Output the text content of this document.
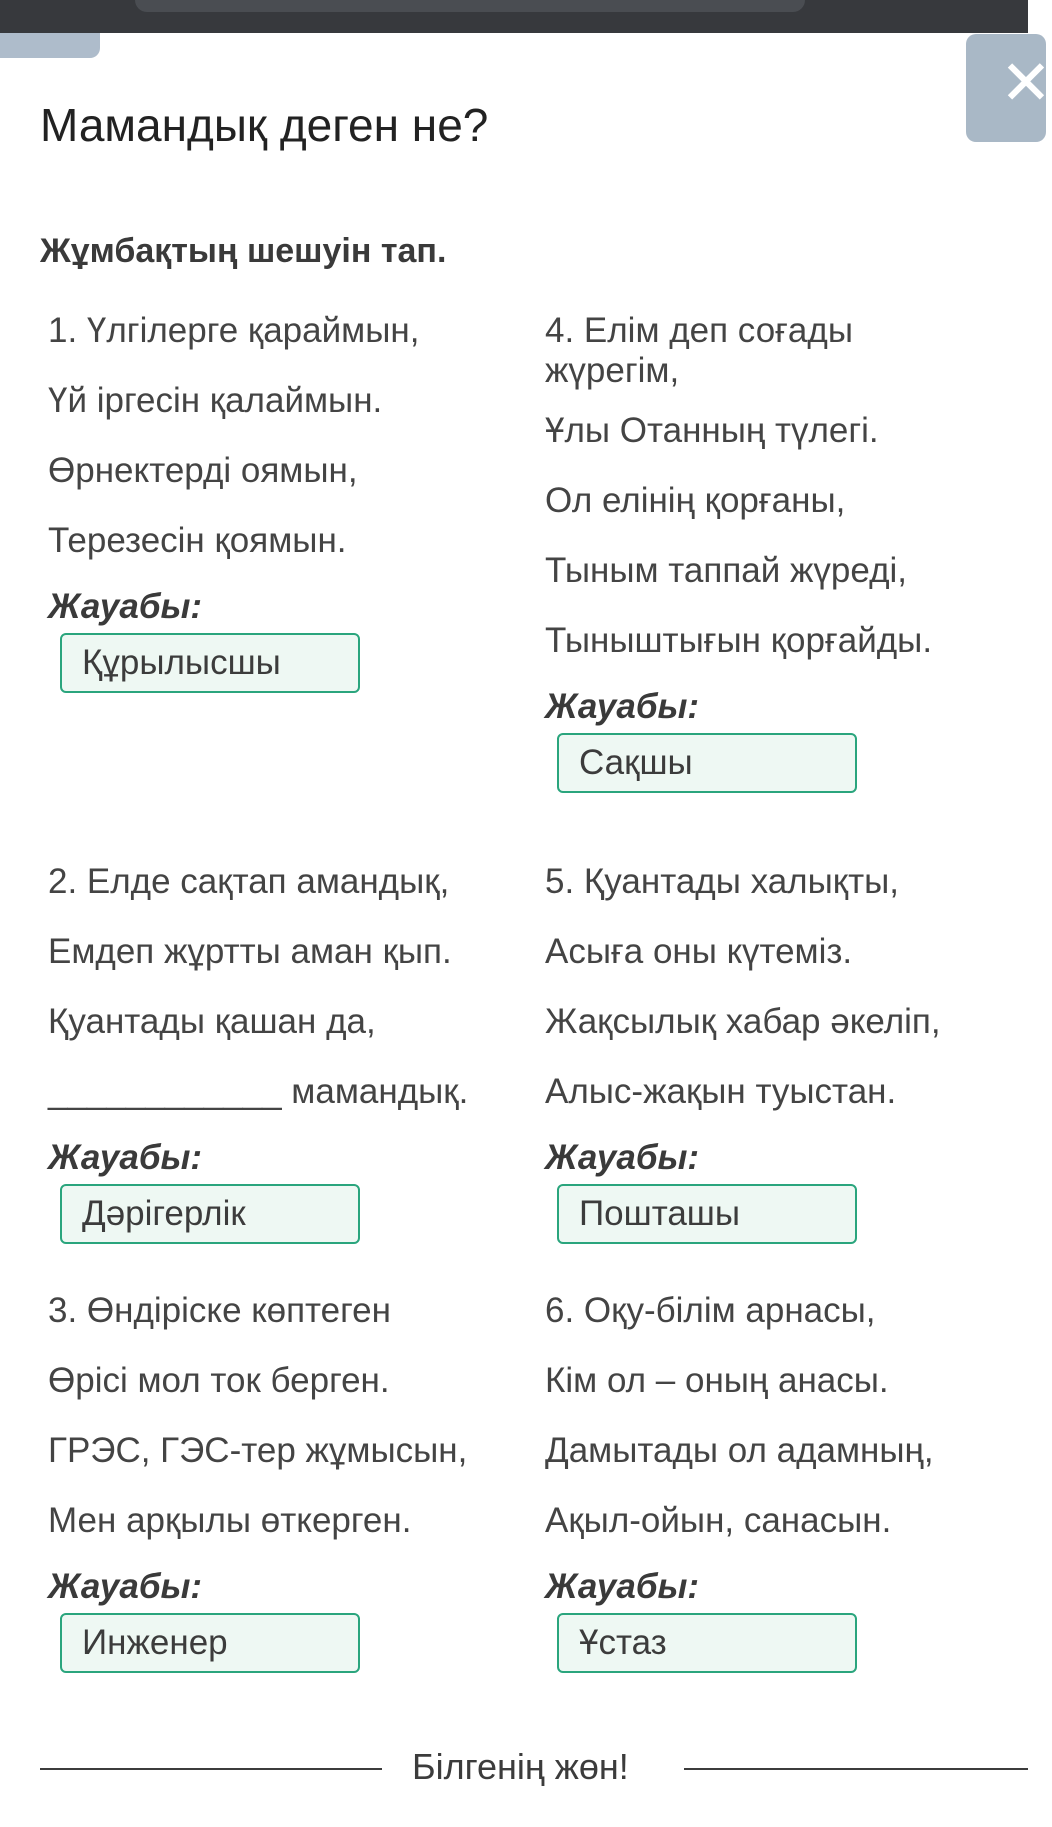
✕
Мамандық деген не?
Жұмбақтың шешуін тап.
1. Үлгілерге қараймын,
Үй іргесін қалаймын.
Өрнектерді оямын,
Терезесін қоямын.
Жауабы:
Құрылысшы
4. Елім деп соғады
жүрегім,
Ұлы Отанның түлегі.
Ол елінің қорғаны,
Тыным таппай жүреді,
Тыныштығын қорғайды.
Жауабы:
Сақшы
2. Елде сақтап амандық,
Емдеп жұртты аман қып.
Қуантады қашан да,
____________ мамандық.
Жауабы:
Дәрігерлік
5. Қуантады халықты,
Асыға оны күтеміз.
Жақсылық хабар әкеліп,
Алыс-жақын туыстан.
Жауабы:
Пошташы
3. Өндіріске көптеген
Өрісі мол ток берген.
ГРЭС, ГЭС-тер жұмысын,
Мен арқылы өткерген.
Жауабы:
Инженер
6. Оқу-білім арнасы,
Кім ол – оның анасы.
Дамытады ол адамның,
Ақыл-ойын, санасын.
Жауабы:
Ұстаз
Білгенің жөн!
